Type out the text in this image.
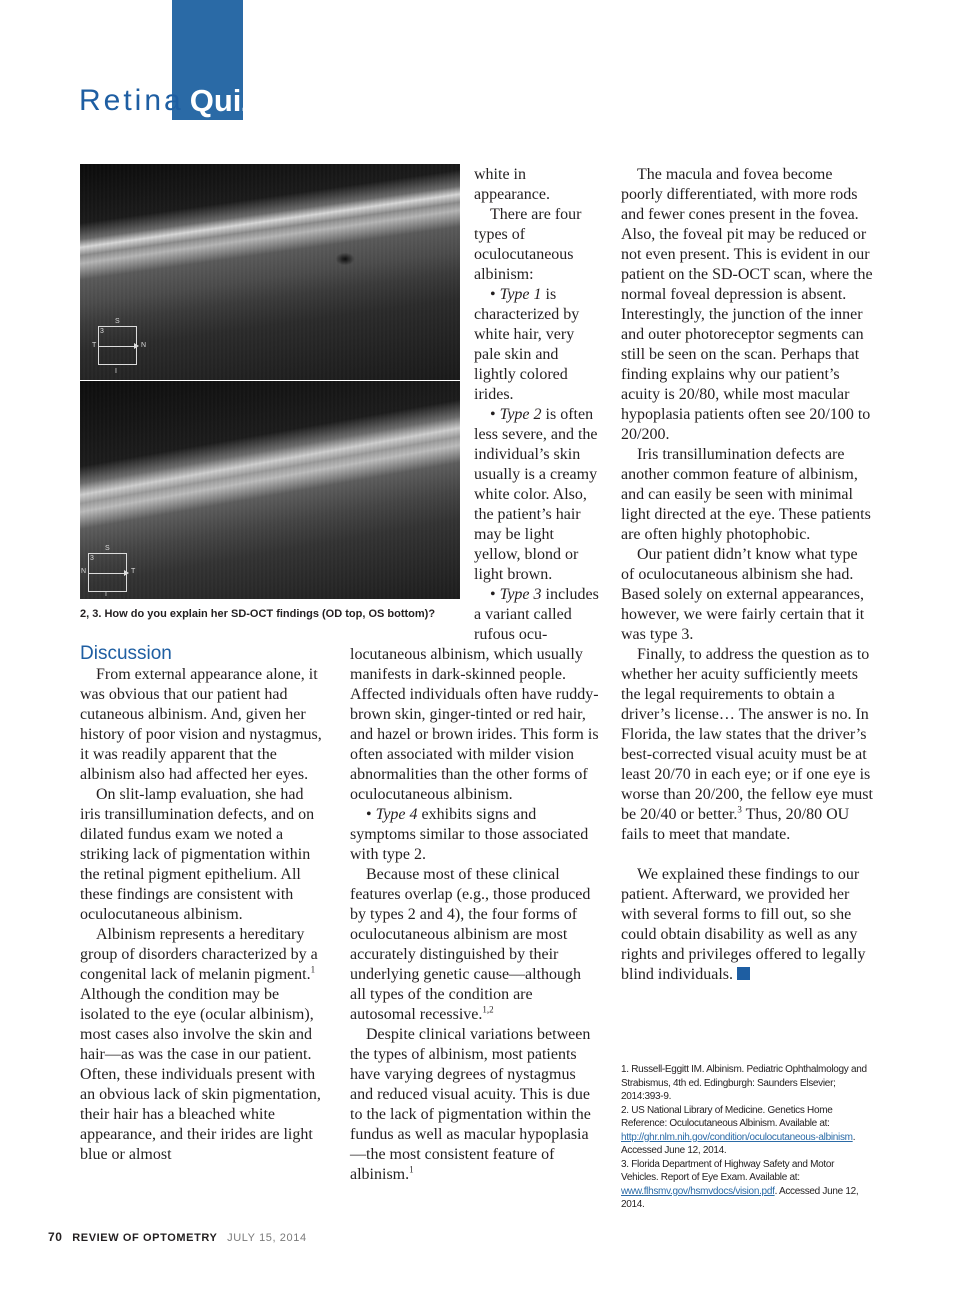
Retina Quiz
S
T	N
I
3
S
N	T
I
3
2, 3. How do you explain her SD-OCT findings (OD top, OS bottom)?
Discussion

From external appearance alone, it was obvious that our patient had cutaneous albinism. And, given her history of poor vision and nystagmus, it was readily apparent that the albinism also had affected her eyes.

On slit-lamp evaluation, she had iris transillumination defects, and on dilated fundus exam we noted a striking lack of pigmentation within the retinal pigment epithelium. All these findings are consistent with oculocutaneous albinism.

Albinism represents a hereditary group of disorders characterized by a congenital lack of melanin pigment.$^1$ Although the condition may be isolated to the eye (ocular albinism), most cases also involve the skin and hair—as was the case in our patient. Often, these individuals present with an obvious lack of skin pigmentation, their hair has a bleached white appearance, and their irides are light blue or almost

white in appearance.

There are four types of oculocutaneous albinism:

• Type 1 is characterized by white hair, very pale skin and lightly colored irides.

• Type 2 is often less severe, and the individual’s skin usually is a creamy white color. Also, the patient’s hair may be light yellow, blond or light brown.

• Type 3 includes a variant called rufous ocu-

locutaneous albinism, which usually manifests in dark-skinned people. Affected individuals often have ruddy-brown skin, ginger-tinted or red hair, and hazel or brown irides. This form is often associated with milder vision abnormalities than the other forms of oculocutaneous albinism.

• Type 4 exhibits signs and symptoms similar to those associated with type 2.

Because most of these clinical features overlap (e.g., those produced by types 2 and 4), the four forms of oculocutaneous albinism are most accurately distinguished by their underlying genetic cause—although all types of the condition are autosomal recessive.$^{1,2}$

Despite clinical variations between the types of albinism, most patients have varying degrees of nystagmus and reduced visual acuity. This is due to the lack of pigmentation within the fundus as well as macular hypoplasia—the most consistent feature of albinism.$^1$

The macula and fovea become poorly differentiated, with more rods and fewer cones present in the fovea. Also, the foveal pit may be reduced or not even present. This is evident in our patient on the SD-OCT scan, where the normal foveal depression is absent. Interestingly, the junction of the inner and outer photoreceptor segments can still be seen on the scan. Perhaps that finding explains why our patient’s acuity is 20/80, while most macular hypoplasia patients often see 20/100 to 20/200.

Iris transillumination defects are another common feature of albinism, and can easily be seen with minimal light directed at the eye. These patients are often highly photophobic.

Our patient didn’t know what type of oculocutaneous albinism she had. Based solely on external appearances, however, we were fairly certain that it was type 3.

Finally, to address the question as to whether her acuity sufficiently meets the legal requirements to obtain a driver’s license… The answer is no. In Florida, the law states that the driver’s best-corrected visual acuity must be at least 20/70 in each eye; or if one eye is worse than 20/200, the fellow eye must be 20/40 or better.$^3$ Thus, 20/80 OU fails to meet that mandate.

We explained these findings to our patient. Afterward, we provided her with several forms to fill out, so she could obtain disability as well as any rights and privileges offered to legally blind individuals.

1. Russell-Eggitt IM. Albinism. Pediatric Ophthalmology and Strabismus, 4th ed. Edingburgh: Saunders Elsevier; 2014:393-9.

2. US National Library of Medicine. Genetics Home Reference: Oculocutaneous Albinism. Available at: http://ghr.nlm.nih.gov/condition/oculocutaneous-albinism. Accessed June 12, 2014.

3. Florida Department of Highway Safety and Motor Vehicles. Report of Eye Exam. Available at: www.flhsmv.gov/hsmvdocs/vision.pdf. Accessed June 12, 2014.

70 REVIEW OF OPTOMETRY JULY 15, 2014
